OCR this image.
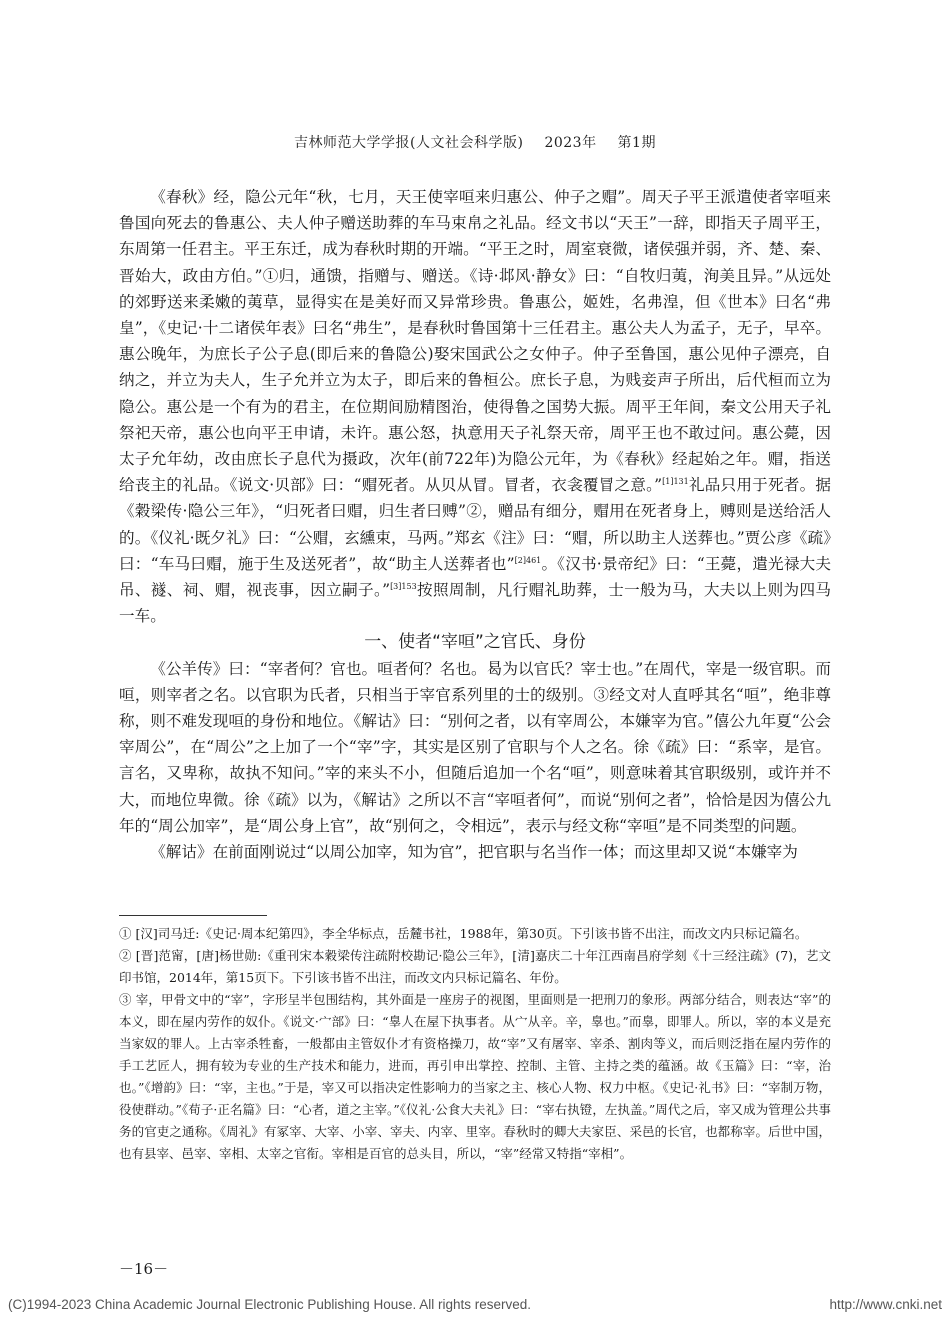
吉林师范大学学报(人文社会科学版) 2023年 第1期

《春秋》经，隐公元年“秋，七月，天王使宰咺来归惠公、仲子之赗”。周天子平王派遣使者宰咺来鲁国向死去的鲁惠公、夫人仲子赠送助葬的车马束帛之礼品。经文书以“天王”一辞，即指天子周平王，东周第一任君主。平王东迁，成为春秋时期的开端。“平王之时，周室衰微，诸侯强并弱，齐、楚、秦、晋始大，政由方伯。”①归，通馈，指赠与、赠送。《诗·邶风·静女》曰：“自牧归荑，洵美且异。”从远处的郊野送来柔嫩的荑草，显得实在是美好而又异常珍贵。鲁惠公，姬姓，名弗湟，但《世本》曰名“弗皇”，《史记·十二诸侯年表》曰名“弗生”，是春秋时鲁国第十三任君主。惠公夫人为孟子，无子，早卒。惠公晚年，为庶长子公子息(即后来的鲁隐公)娶宋国武公之女仲子。仲子至鲁国，惠公见仲子漂亮，自纳之，并立为夫人，生子允并立为太子，即后来的鲁桓公。庶长子息，为贱妾声子所出，后代桓而立为隐公。惠公是一个有为的君主，在位期间励精图治，使得鲁之国势大振。周平王年间，秦文公用天子礼祭祀天帝，惠公也向平王申请，未许。惠公怒，执意用天子礼祭天帝，周平王也不敢过问。惠公薨，因太子允年幼，改由庶长子息代为摄政，次年(前722年)为隐公元年，为《春秋》经起始之年。赗，指送给丧主的礼品。《说文·贝部》曰：“赗死者。从贝从冒。冒者，衣衾覆冒之意。”$^{[1]131}$礼品只用于死者。据《穀梁传·隐公三年》，“归死者曰赗，归生者曰赙”②，赠品有细分，赗用在死者身上，赙则是送给活人的。《仪礼·既夕礼》曰：“公赗，玄纁束，马两。”郑玄《注》曰：“赗，所以助主人送葬也。”贾公彦《疏》曰：“车马曰赗，施于生及送死者”，故“助主人送葬者也”$^{[2]461}$。《汉书·景帝纪》曰：“王薨，遣光禄大夫吊、襚、祠、赗，视丧事，因立嗣子。”$^{[3]153}$按照周制，凡行赗礼助葬，士一般为马，大夫以上则为四马一车。

一、使者“宰咺”之官氏、身份

《公羊传》曰：“宰者何？官也。咺者何？名也。曷为以官氏？宰士也。”在周代，宰是一级官职。而咺，则宰者之名。以官职为氏者，只相当于宰官系列里的士的级别。③经文对人直呼其名“咺”，绝非尊称，则不难发现咺的身份和地位。《解诂》曰：“别何之者，以有宰周公，本嫌宰为官。”僖公九年夏“公会宰周公”，在“周公”之上加了一个“宰”字，其实是区别了官职与个人之名。徐《疏》曰：“系宰，是官。言名，又卑称，故执不知问。”宰的来头不小，但随后追加一个名“咺”，则意味着其官职级别，或许并不大，而地位卑微。徐《疏》以为，《解诂》之所以不言“宰咺者何”，而说“别何之者”，恰恰是因为僖公九年的“周公加宰”，是“周公身上官”，故“别何之，令相远”，表示与经文称“宰咺”是不同类型的问题。

《解诂》在前面刚说过“以周公加宰，知为官”，把官职与名当作一体；而这里却又说“本嫌宰为

① [汉]司马迁:《史记·周本纪第四》，李全华标点，岳麓书社，1988年，第30页。下引该书皆不出注，而改文内只标记篇名。

② [晋]范甯，[唐]杨世勋:《重刊宋本穀梁传注疏附校勘记·隐公三年》，[清]嘉庆二十年江西南昌府学刻《十三经注疏》(7)，艺文印书馆，2014年，第15页下。下引该书皆不出注，而改文内只标记篇名、年份。

③ 宰，甲骨文中的“宰”，字形呈半包围结构，其外面是一座房子的视图，里面则是一把刑刀的象形。两部分结合，则表达“宰”的本义，即在屋内劳作的奴仆。《说文·宀部》曰：“辠人在屋下执事者。从宀从辛。辛，辠也。”而辠，即罪人。所以，宰的本义是充当家奴的罪人。上古宰杀牲畜，一般都由主管奴仆才有资格操刀，故“宰”又有屠宰、宰杀、割肉等义，而后则泛指在屋内劳作的手工艺匠人，拥有较为专业的生产技术和能力，进而，再引申出掌控、控制、主管、主持之类的蕴涵。故《玉篇》曰：“宰，治也。”《增韵》曰：“宰，主也。”于是，宰又可以指决定性影响力的当家之主、核心人物、权力中枢。《史记·礼书》曰：“宰制万物，役使群动。”《荀子·正名篇》曰：“心者，道之主宰。”《仪礼·公食大夫礼》曰：“宰右执镫，左执盖。”周代之后，宰又成为管理公共事务的官吏之通称。《周礼》有冢宰、大宰、小宰、宰夫、内宰、里宰。春秋时的卿大夫家臣、采邑的长官，也都称宰。后世中国，也有县宰、邑宰、宰相、太宰之官衔。宰相是百官的总头目，所以，“宰”经常又特指“宰相”。

－16－
(C)1994-2023 China Academic Journal Electronic Publishing House. All rights reserved.	http://www.cnki.net
